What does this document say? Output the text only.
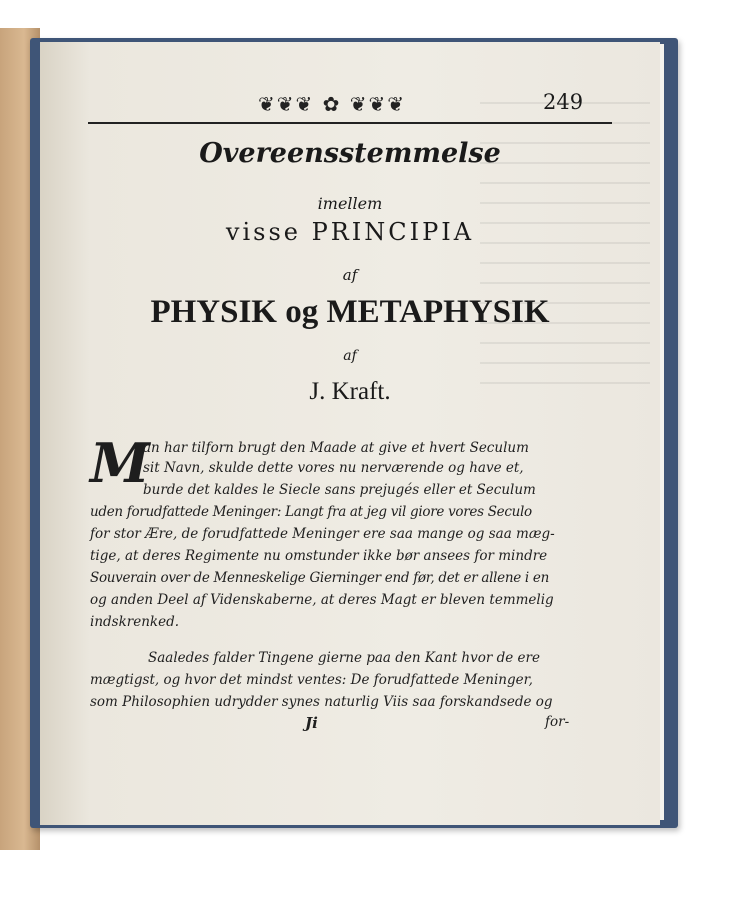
❦❦❦ ✿ ❦❦❦	249
Overeensstemmelse
imellem
visse PRINCIPIA
af
PHYSIK og METAPHYSIK
af
J. Kraft.
M
an har tilforn brugt den Maade at give et hvert Seculum
sit Navn, skulde dette vores nu nerværende og have et,
burde det kaldes le Siecle sans prejugés eller et Seculum
uden forudfattede Meninger: Langt fra at jeg vil giore vores Seculo
for stor Ære, de forudfattede Meninger ere saa mange og saa mæg-
tige, at deres Regimente nu omstunder ikke bør ansees for mindre
Souverain over de Menneskelige Gierninger end før, det er allene i en
og anden Deel af Videnskaberne, at deres Magt er bleven temmelig
indskrenked.
Saaledes falder Tingene gierne paa den Kant hvor de ere
mægtigst, og hvor det mindst ventes: De forudfattede Meninger,
som Philosophien udrydder synes naturlig Viis saa forskandsede og
Ji	for-
